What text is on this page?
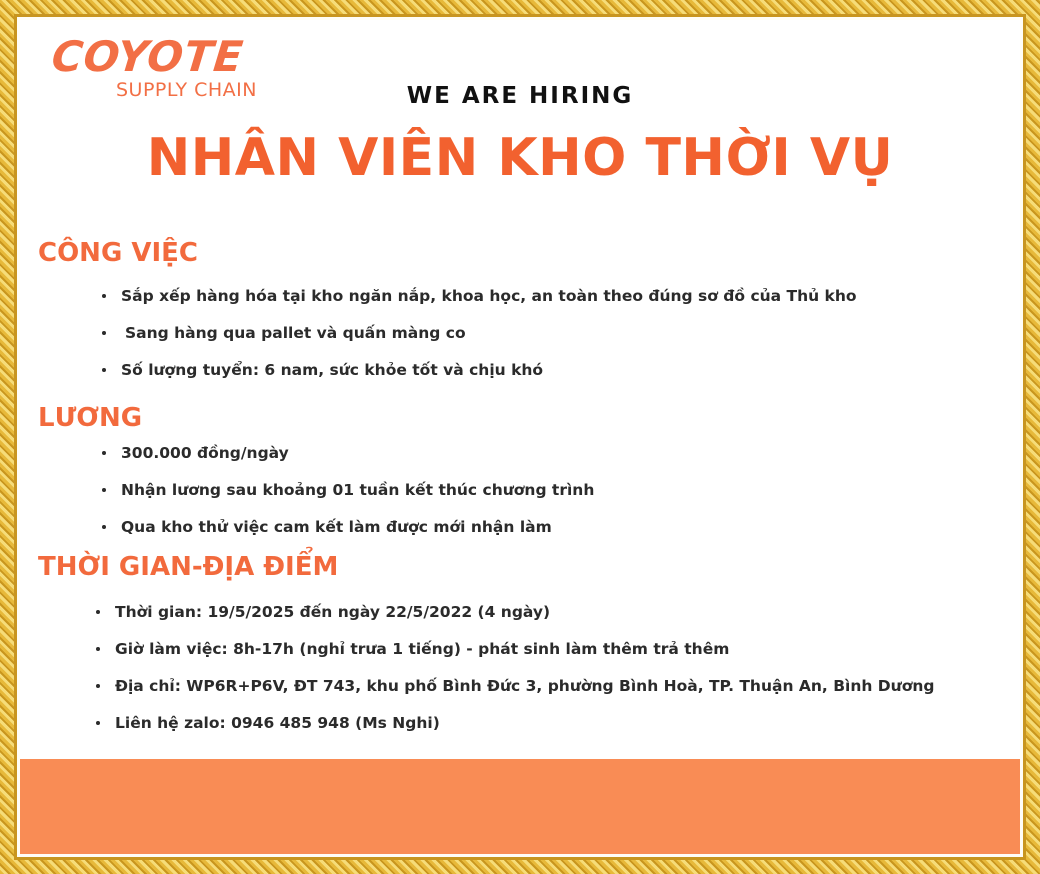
COYOTE
SUPPLY CHAIN	WE ARE HIRING
NHÂN VIÊN KHO THỜI VỤ
CÔNG VIỆC
Sắp xếp hàng hóa tại kho ngăn nắp, khoa học, an toàn theo đúng sơ đồ của Thủ kho
Sang hàng qua pallet và quấn màng co
Số lượng tuyển: 6 nam, sức khỏe tốt và chịu khó
LƯƠNG
300.000 đồng/ngày
Nhận lương sau khoảng 01 tuần kết thúc chương trình
Qua kho thử việc cam kết làm được mới nhận làm
THỜI GIAN-ĐỊA ĐIỂM
Thời gian: 19/5/2025 đến ngày 22/5/2022 (4 ngày)
Giờ làm việc: 8h-17h (nghỉ trưa 1 tiếng) - phát sinh làm thêm trả thêm
Địa chỉ: WP6R+P6V, ĐT 743, khu phố Bình Đức 3, phường Bình Hoà, TP. Thuận An, Bình Dương
Liên hệ zalo: 0946 485 948 (Ms Nghi)
